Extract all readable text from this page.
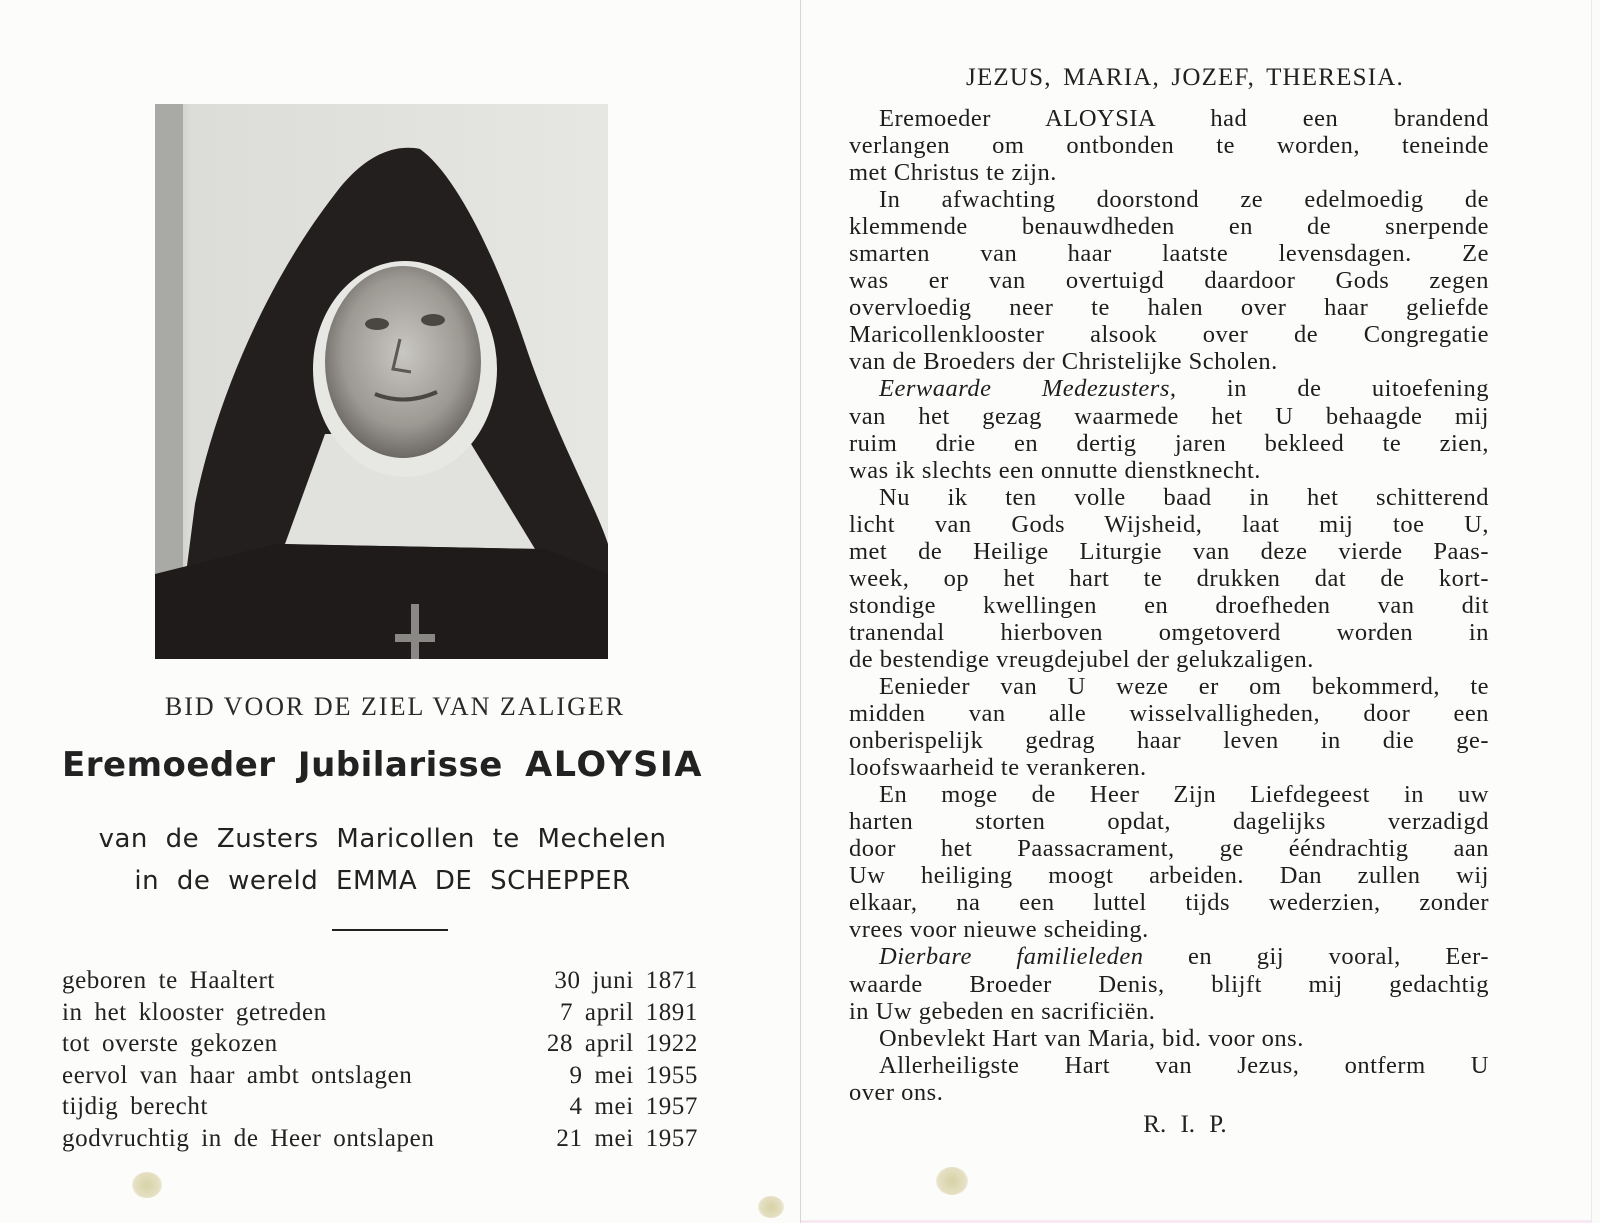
BID VOOR DE ZIEL VAN ZALIGER
Eremoeder Jubilarisse ALOYSIA
van de Zusters Maricollen te Mechelen
in de wereld EMMA DE SCHEPPER
geboren te Haaltert	30 juni 1871
in het klooster getreden	7 april 1891
tot overste gekozen	28 april 1922
eervol van haar ambt ontslagen	9 mei 1955
tijdig berecht	4 mei 1957
godvruchtig in de Heer ontslapen	21 mei 1957
JEZUS, MARIA, JOZEF, THERESIA.
Eremoeder ALOYSIA had een brandend
verlangen om ontbonden te worden, teneinde
met Christus te zijn.
In afwachting doorstond ze edelmoedig de
klemmende benauwdheden en de snerpende
smarten van haar laatste levensdagen. Ze
was er van overtuigd daardoor Gods zegen
overvloedig neer te halen over haar geliefde
Maricollenklooster alsook over de Congregatie
van de Broeders der Christelijke Scholen.
Eerwaarde Medezusters, in de uitoefening
van het gezag waarmede het U behaagde mij
ruim drie en dertig jaren bekleed te zien,
was ik slechts een onnutte dienstknecht.
Nu ik ten volle baad in het schitterend
licht van Gods Wijsheid, laat mij toe U,
met de Heilige Liturgie van deze vierde Paas-
week, op het hart te drukken dat de kort-
stondige kwellingen en droefheden van dit
tranendal hierboven omgetoverd worden in
de bestendige vreugdejubel der gelukzaligen.
Eenieder van U weze er om bekommerd, te
midden van alle wisselvalligheden, door een
onberispelijk gedrag haar leven in die ge-
loofswaarheid te verankeren.
En moge de Heer Zijn Liefdegeest in uw
harten storten opdat, dagelijks verzadigd
door het Paassacrament, ge ééndrachtig aan
Uw heiliging moogt arbeiden. Dan zullen wij
elkaar, na een luttel tijds wederzien, zonder
vrees voor nieuwe scheiding.
Dierbare familieleden en gij vooral, Eer-
waarde Broeder Denis, blijft mij gedachtig
in Uw gebeden en sacrificiën.
Onbevlekt Hart van Maria, bid. voor ons.
Allerheiligste Hart van Jezus, ontferm U
over ons.
R. I. P.
